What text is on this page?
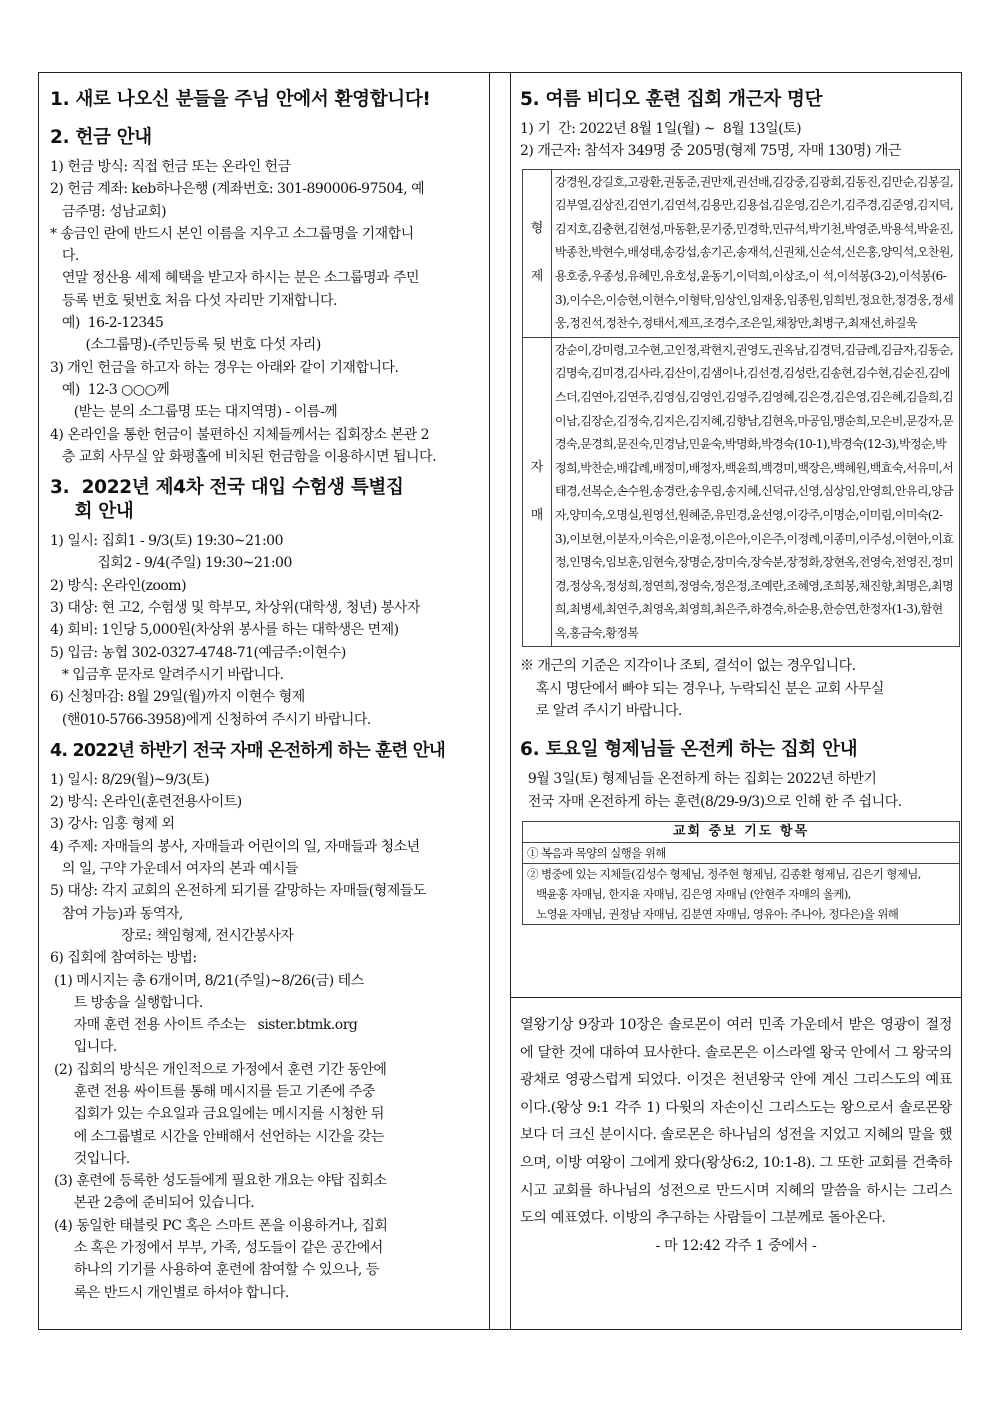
1. 새로 나오신 분들을 주님 안에서 환영합니다!
2. 헌금 안내
1) 헌금 방식: 직접 헌금 또는 온라인 헌금
2) 헌금 계좌: keb하나은행 (계좌번호: 301-890006-97504, 예
금주명: 성남교회)
* 송금인 란에 반드시 본인 이름을 지우고 소그룹명을 기재합니
다.
연말 정산용 세제 혜택을 받고자 하시는 분은 소그룹명과 주민
등록 번호 뒷번호 처음 다섯 자리만 기재합니다.
예)  16-2-12345
(소그룹명)-(주민등록 뒷 번호 다섯 자리)
3) 개인 헌금을 하고자 하는 경우는 아래와 같이 기재합니다.
예)  12-3 ○○○께
(받는 분의 소그룹명 또는 대지역명) - 이름-께
4) 온라인을 통한 헌금이 불편하신 지체들께서는 집회장소 본관 2
층 교회 사무실 앞 화평홀에 비치된 헌금함을 이용하시면 됩니다.
3.  2022년 제4차 전국 대입 수험생 특별집
회 안내
1) 일시: 집회1 - 9/3(토) 19:30~21:00
집회2 - 9/4(주일) 19:30~21:00
2) 방식: 온라인(zoom)
3) 대상: 현 고2, 수험생 및 학부모, 차상위(대학생, 청년) 봉사자
4) 회비: 1인당 5,000원(차상위 봉사를 하는 대학생은 면제)
5) 입금: 농협 302-0327-4748-71(예금주:이현수)
* 입금후 문자로 알려주시기 바랍니다.
6) 신청마감: 8월 29일(월)까지 이현수 형제
(핸010-5766-3958)에게 신청하여 주시기 바랍니다.
4. 2022년 하반기 전국 자매 온전하게 하는 훈련 안내
1) 일시: 8/29(월)~9/3(토)
2) 방식: 온라인(훈련전용사이트)
3) 강사: 임홍 형제 외
4) 주제: 자매들의 봉사, 자매들과 어린이의 일, 자매들과 청소년
의 일, 구약 가운데서 여자의 본과 예시들
5) 대상: 각지 교회의 온전하게 되기를 갈망하는 자매들(형제들도
참여 가능)과 동역자,
장로: 책임형제, 전시간봉사자
6) 집회에 참여하는 방법:
(1) 메시지는 총 6개이며, 8/21(주일)~8/26(금) 테스
트 방송을 실행합니다.
자매 훈련 전용 사이트 주소는   sister.btmk.org
입니다.
(2) 집회의 방식은 개인적으로 가정에서 훈련 기간 동안에
훈련 전용 싸이트를 통해 메시지를 듣고 기존에 주중
집회가 있는 수요일과 금요일에는 메시지를 시청한 뒤
에 소그룹별로 시간을 안배해서 선언하는 시간을 갖는
것입니다.
(3) 훈련에 등록한 성도들에게 필요한 개요는 야탑 집회소
본관 2층에 준비되어 있습니다.
(4) 동일한 태블릿 PC 혹은 스마트 폰을 이용하거나, 집회
소 혹은 가정에서 부부, 가족, 성도들이 같은 공간에서
하나의 기기를 사용하여 훈련에 참여할 수 있으나, 등
록은 반드시 개인별로 하셔야 합니다.
5. 여름 비디오 훈련 집회 개근자 명단
1) 기  간: 2022년 8월 1일(월) ~  8월 13일(토)
2) 개근자: 참석자 349명 중 205명(형제 75명, 자매 130명) 개근
형

제	강경원,강길호,고광환,권동준,권만재,권선배,김강중,김광회,김동진,김만순,김봉길,김부열,김상진,김연기,김연석,김용만,김용섭,김운영,김은기,김주경,김준영,김지덕,김지호,김충현,김현성,마동환,문기중,민경학,민규석,박기천,박영준,박용석,박윤진,박종찬,박현수,배성태,송강섭,송기곤,송재석,신권채,신순석,신은홍,양익석,오찬원,용호중,우종성,유혜민,유호성,윤동기,이덕희,이상조,이 석,이석봉(3-2),이석봉(6-3),이수은,이승현,이현수,이형탁,임상인,임재웅,임종원,임희빈,정요한,정경웅,정세웅,정진석,정찬수,정태서,제프,조경수,조은일,채창만,최병구,최재선,하길욱
자

매	강순이,강미령,고수현,고인정,곽현지,권영도,권옥남,김경덕,김금례,김금자,김동순,김명숙,김미경,김사라,김산이,김샘이나,김선경,김성란,김송현,김수현,김순진,김에스더,김연아,김연주,김영심,김영인,김영주,김영혜,김은경,김은영,김은혜,김을희,김이남,김장순,김정숙,김지은,김지혜,김향남,김현옥,마공임,맹순희,모은비,문강자,문경숙,문경희,문진숙,민경남,민윤숙,박명화,박경숙(10-1),박경숙(12-3),박정순,박정희,박찬순,배갑례,배정미,배정자,백윤희,백경미,백장은,백혜원,백효숙,서유미,서태경,선복순,손수원,송경란,송우림,송지혜,신덕규,신영,심상임,안영희,안유리,양금자,양미숙,오명실,원영선,원혜준,유민경,윤선영,이강주,이명순,이미림,이미숙(2-3),이보현,이분자,이숙은,이윤정,이은아,이은주,이정례,이종미,이주성,이현아,이효정,인명숙,임보훈,임현숙,장명순,장미숙,장숙분,장정화,장현옥,전영숙,전영진,정미경,정상옥,정성희,정연희,정영숙,정은정,조예란,조혜영,조희봉,채진향,최명은,최명희,최병세,최연주,최영옥,최영희,최은주,하경숙,하순용,한승연,한정자(1-3),함현옥,홍금숙,황정복
※ 개근의 기준은 지각이나 조퇴, 결석이 없는 경우입니다.
혹시 명단에서 빠야 되는 경우나, 누락되신 분은 교회 사무실
로 알려 주시기 바랍니다.
6. 토요일 형제님들 온전케 하는 집회 안내
9월 3일(토) 형제님들 온전하게 하는 집회는 2022년 하반기
전국 자매 온전하게 하는 훈련(8/29-9/3)으로 인해 한 주 쉽니다.
교회 중보 기도 항목
① 복음과 목양의 실행을 위해
② 병중에 있는 지체들(김성수 형제님, 정주현 형제님, 김종환 형제님, 김은기 형제님,
백윤홍 자매님, 한지윤 자매님, 김은영 자매님 (안현주 자매의 올케),
노영윤 자매님, 권정남 자매님, 김분연 자매님, 영유아: 주나아, 정다은)을 위해
열왕기상 9장과 10장은 솔로몬이 여러 민족 가운데서 받은 영광이 절정에 달한 것에 대하여 묘사한다. 솔로몬은 이스라엘 왕국 안에서 그 왕국의 광채로 영광스럽게 되었다. 이것은 천년왕국 안에 계신 그리스도의 예표이다.(왕상 9:1 각주 1) 다윗의 자손이신 그리스도는 왕으로서 솔로몬왕보다 더 크신 분이시다. 솔로몬은 하나님의 성전을 지었고 지혜의 말을 했으며, 이방 여왕이 그에게 왔다(왕상6:2, 10:1-8). 그 또한 교회를 건축하시고 교회를 하나님의 성전으로 만드시며 지혜의 말씀을 하시는 그리스도의 예표였다. 이방의 추구하는 사람들이 그분께로 돌아온다.
- 마 12:42 각주 1 중에서 -
